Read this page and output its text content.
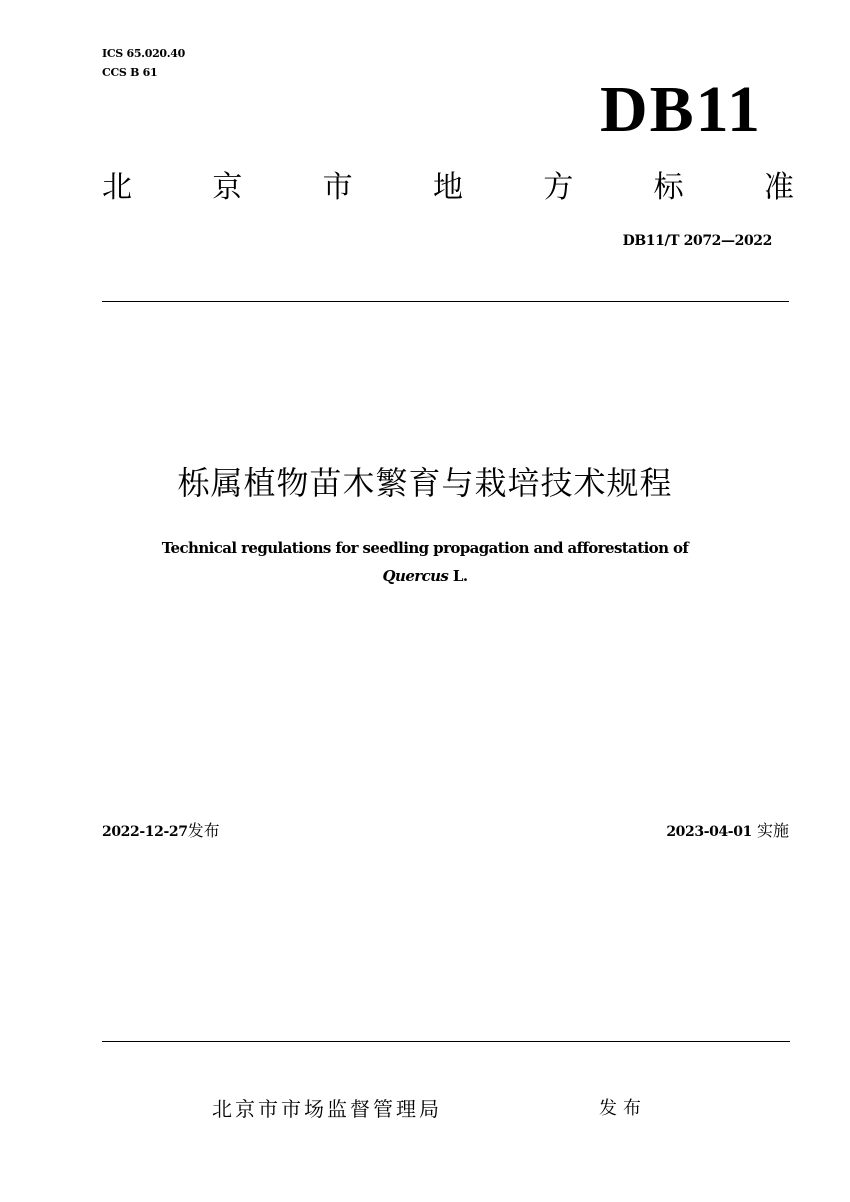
ICS 65.020.40
CCS B 61
DB11
北	京	市	地	方	标	准
DB11/T 2072—2022
栎属植物苗木繁育与栽培技术规程
Technical regulations for seedling propagation and afforestation of
Quercus L.
2022-12-27发布	2023-04-01 实施
北京市市场监督管理局	发布
